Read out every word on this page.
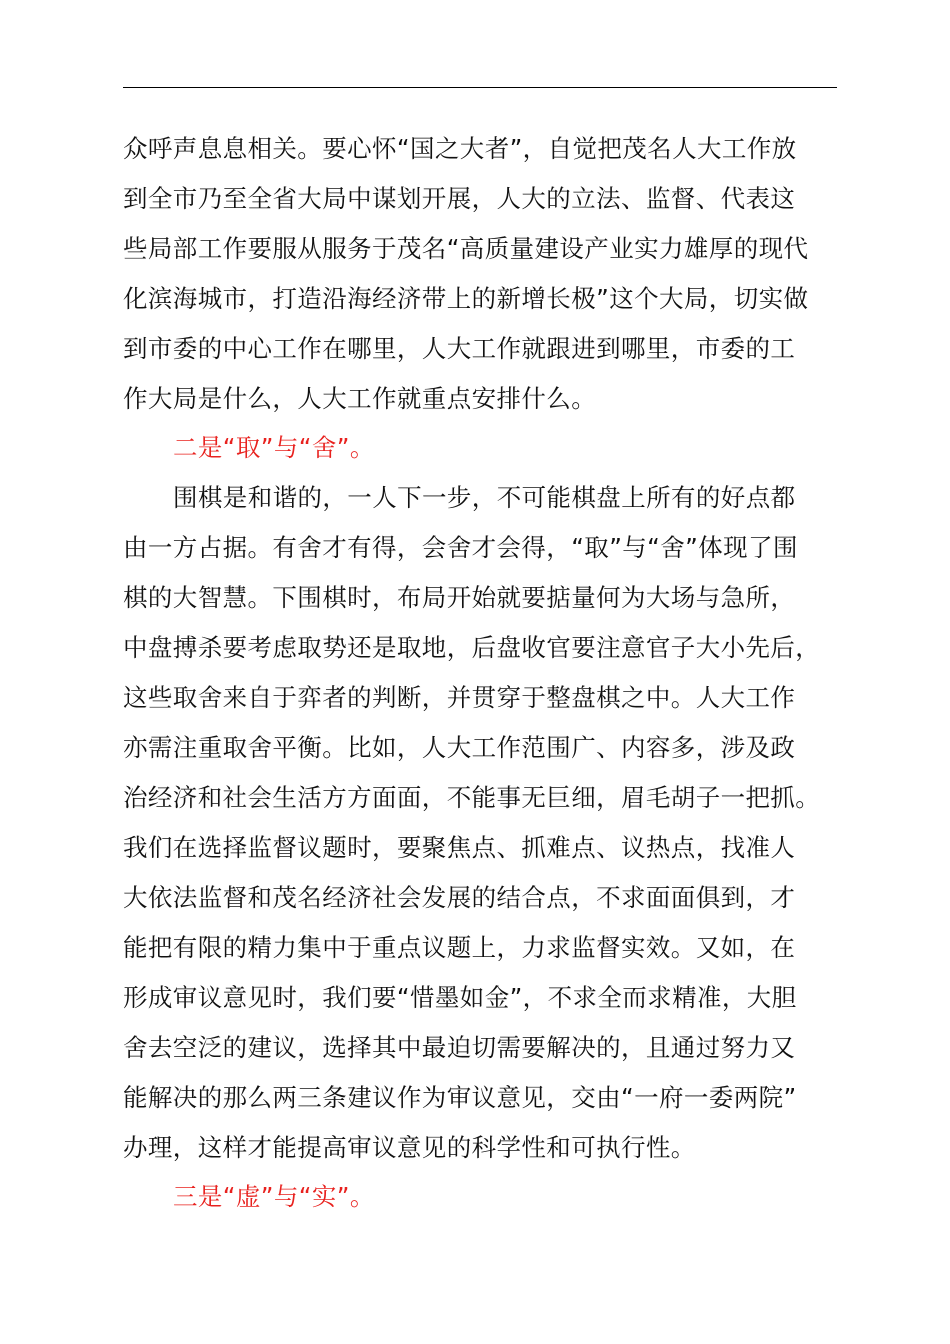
众呼声息息相关。要心怀“国之大者”，自觉把茂名人大工作放
到全市乃至全省大局中谋划开展，人大的立法、监督、代表这
些局部工作要服从服务于茂名“高质量建设产业实力雄厚的现代
化滨海城市，打造沿海经济带上的新增长极”这个大局，切实做
到市委的中心工作在哪里，人大工作就跟进到哪里，市委的工
作大局是什么，人大工作就重点安排什么。
二是“取”与“舍”。
围棋是和谐的，一人下一步，不可能棋盘上所有的好点都
由一方占据。有舍才有得，会舍才会得，“取”与“舍”体现了围
棋的大智慧。下围棋时，布局开始就要掂量何为大场与急所，
中盘搏杀要考虑取势还是取地，后盘收官要注意官子大小先后，
这些取舍来自于弈者的判断，并贯穿于整盘棋之中。人大工作
亦需注重取舍平衡。比如，人大工作范围广、内容多，涉及政
治经济和社会生活方方面面，不能事无巨细，眉毛胡子一把抓。
我们在选择监督议题时，要聚焦点、抓难点、议热点，找准人
大依法监督和茂名经济社会发展的结合点，不求面面俱到，才
能把有限的精力集中于重点议题上，力求监督实效。又如，在
形成审议意见时，我们要“惜墨如金”，不求全而求精准，大胆
舍去空泛的建议，选择其中最迫切需要解决的，且通过努力又
能解决的那么两三条建议作为审议意见，交由“一府一委两院”
办理，这样才能提高审议意见的科学性和可执行性。
三是“虚”与“实”。
